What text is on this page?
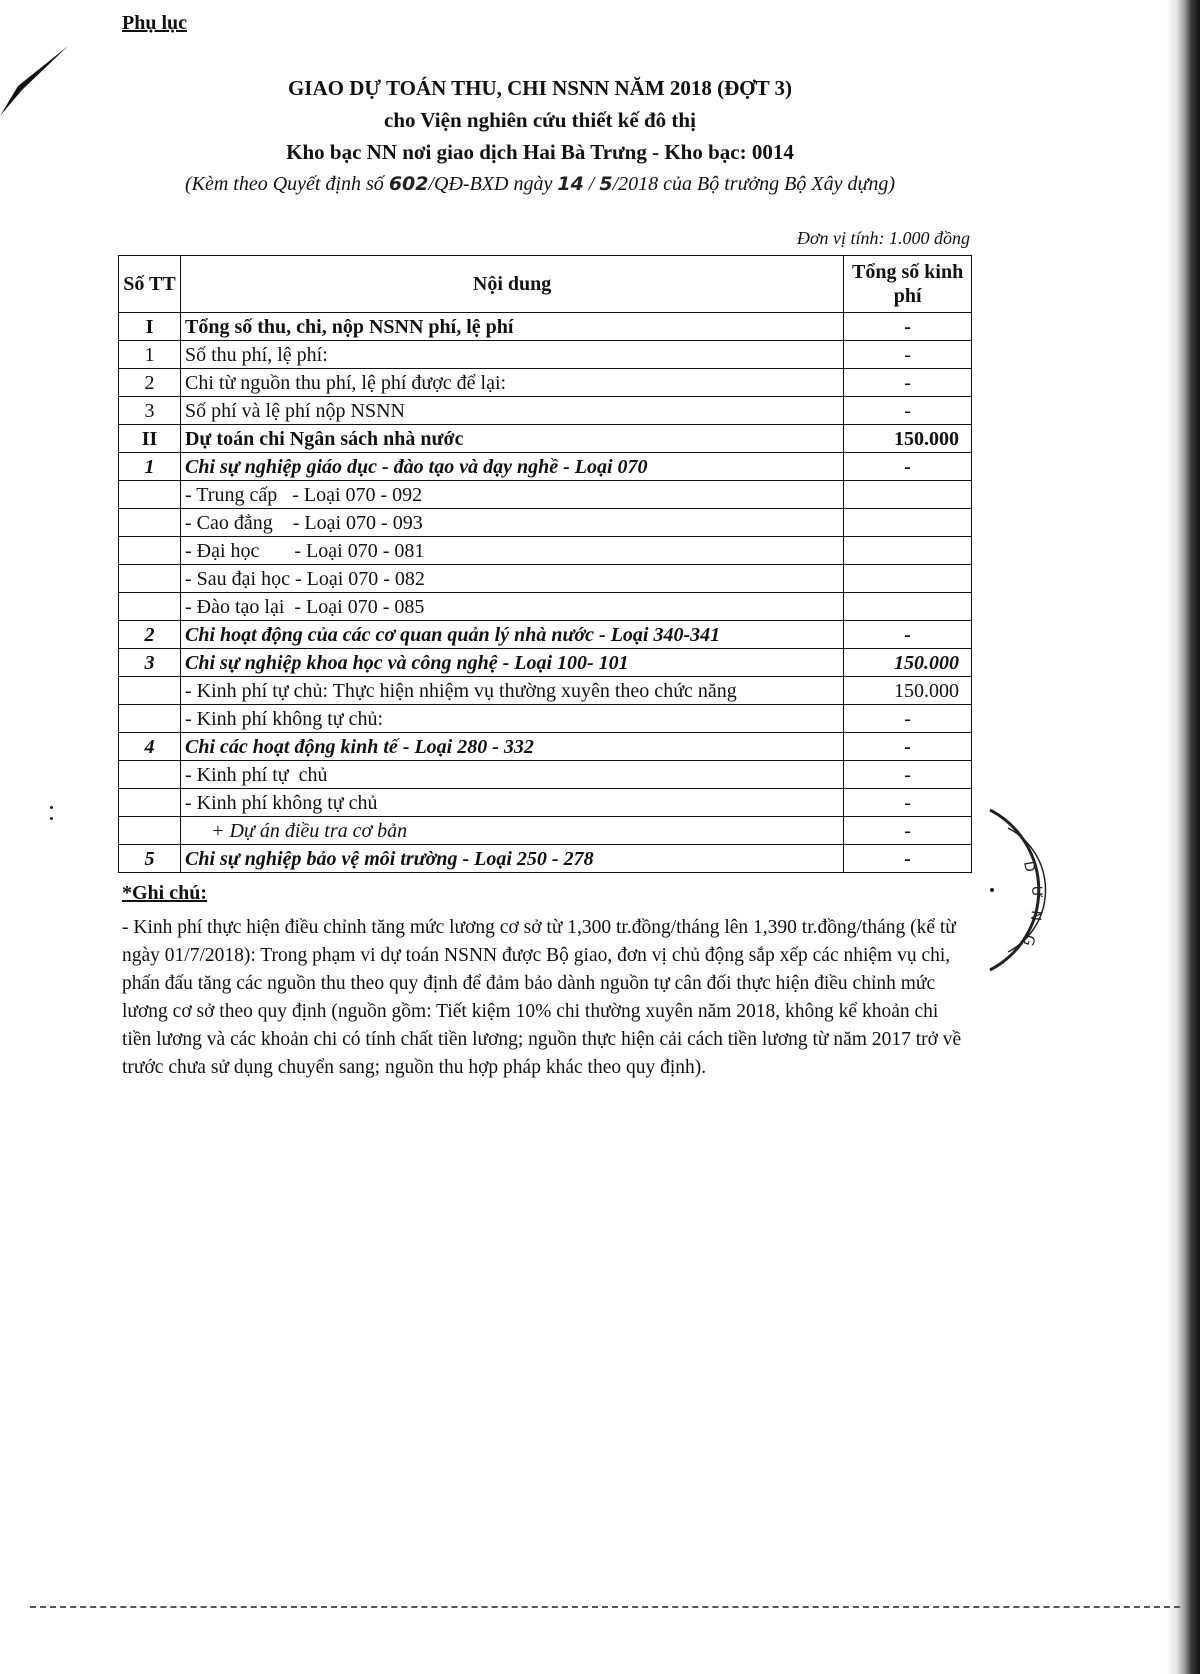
Phụ lục
GIAO DỰ TOÁN THU, CHI NSNN NĂM 2018 (ĐỢT 3)
cho Viện nghiên cứu thiết kế đô thị
Kho bạc NN nơi giao dịch Hai Bà Trưng - Kho bạc: 0014
(Kèm theo Quyết định số 602/QĐ-BXD ngày 14 / 5/2018 của Bộ trưởng Bộ Xây dựng)
Đơn vị tính: 1.000 đồng
Số TT	Nội dung	Tổng số kinh phí
I	Tổng số thu, chi, nộp NSNN phí, lệ phí	-
1	Số thu phí, lệ phí:	-
2	Chi từ nguồn thu phí, lệ phí được để lại:	-
3	Số phí và lệ phí nộp NSNN	-
II	Dự toán chi Ngân sách nhà nước	150.000
1	Chi sự nghiệp giáo dục - đào tạo và dạy nghề - Loại 070	-
	- Trung cấp   - Loại 070 - 092	
	- Cao đẳng    - Loại 070 - 093	
	- Đại học       - Loại 070 - 081	
	- Sau đại học - Loại 070 - 082	
	- Đào tạo lại  - Loại 070 - 085	
2	Chi hoạt động của các cơ quan quản lý nhà nước - Loại 340-341	-
3	Chi sự nghiệp khoa học và công nghệ - Loại 100- 101	150.000
	- Kinh phí tự chủ: Thực hiện nhiệm vụ thường xuyên theo chức năng	150.000
	- Kinh phí không tự chủ:	-
4	Chi các hoạt động kinh tế - Loại 280 - 332	-
	- Kinh phí tự  chủ	-
	- Kinh phí không tự chủ	-
	+ Dự án điều tra cơ bản	-
5	Chi sự nghiệp bảo vệ môi trường - Loại 250 - 278	-
*Ghi chú:
- Kinh phí thực hiện điều chỉnh tăng mức lương cơ sở từ 1,300 tr.đồng/tháng lên 1,390 tr.đồng/tháng (kể từ ngày 01/7/2018): Trong phạm vi dự toán NSNN được Bộ giao, đơn vị chủ động sắp xếp các nhiệm vụ chi, phấn đấu tăng các nguồn thu theo quy định để đảm bảo dành nguồn tự cân đối thực hiện điều chỉnh mức lương cơ sở theo quy định (nguồn gồm: Tiết kiệm 10% chi thường xuyên năm 2018, không kể khoản chi tiền lương và các khoản chi có tính chất tiền lương; nguồn thực hiện cải cách tiền lương từ năm 2017 trở về trước chưa sử dụng chuyển sang; nguồn thu hợp pháp khác theo quy định).
D
Ư
N
G
